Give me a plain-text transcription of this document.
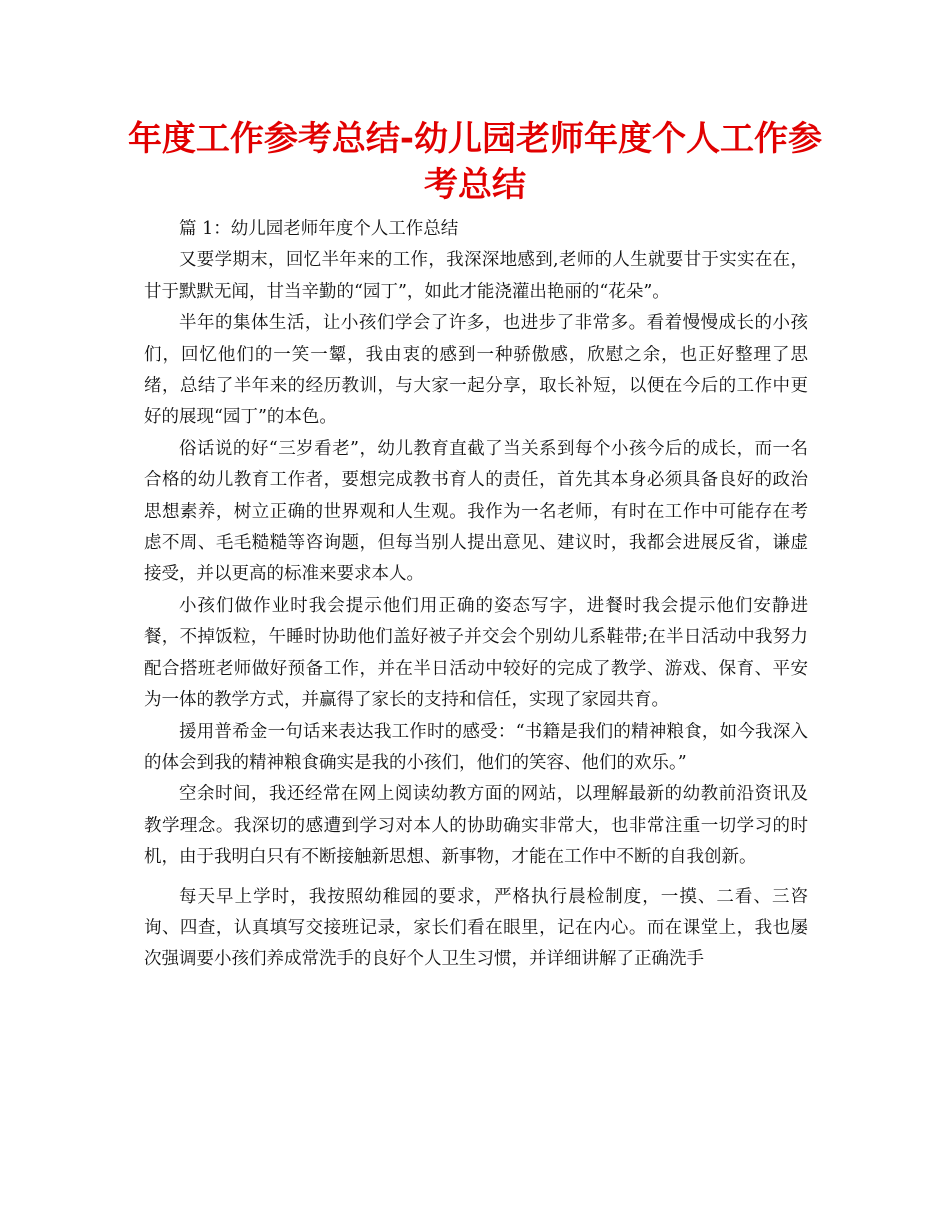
年度工作参考总结-幼儿园老师年度个人工作参考总结

篇 1：幼儿园老师年度个人工作总结

又要学期末，回忆半年来的工作，我深深地感到,老师的人生就要甘于实实在在，甘于默默无闻，甘当辛勤的“园丁”，如此才能浇灌出艳丽的“花朵”。

半年的集体生活，让小孩们学会了许多，也进步了非常多。看着慢慢成长的小孩们，回忆他们的一笑一颦，我由衷的感到一种骄傲感，欣慰之余，也正好整理了思绪，总结了半年来的经历教训，与大家一起分享，取长补短，以便在今后的工作中更好的展现“园丁”的本色。

俗话说的好“三岁看老”，幼儿教育直截了当关系到每个小孩今后的成长，而一名合格的幼儿教育工作者，要想完成教书育人的责任，首先其本身必须具备良好的政治思想素养，树立正确的世界观和人生观。我作为一名老师，有时在工作中可能存在考虑不周、毛毛糙糙等咨询题，但每当别人提出意见、建议时，我都会进展反省，谦虚接受，并以更高的标准来要求本人。

小孩们做作业时我会提示他们用正确的姿态写字，进餐时我会提示他们安静进餐，不掉饭粒，午睡时协助他们盖好被子并交会个别幼儿系鞋带;在半日活动中我努力配合搭班老师做好预备工作，并在半日活动中较好的完成了教学、游戏、保育、平安为一体的教学方式，并赢得了家长的支持和信任，实现了家园共育。

援用普希金一句话来表达我工作时的感受：“书籍是我们的精神粮食，如今我深入的体会到我的精神粮食确实是我的小孩们，他们的笑容、他们的欢乐。”

空余时间，我还经常在网上阅读幼教方面的网站，以理解最新的幼教前沿资讯及教学理念。我深切的感遭到学习对本人的协助确实非常大，也非常注重一切学习的时机，由于我明白只有不断接触新思想、新事物，才能在工作中不断的自我创新。

每天早上学时，我按照幼稚园的要求，严格执行晨检制度，一摸、二看、三咨询、四查，认真填写交接班记录，家长们看在眼里，记在内心。而在课堂上，我也屡次强调要小孩们养成常洗手的良好个人卫生习惯，并详细讲解了正确洗手
